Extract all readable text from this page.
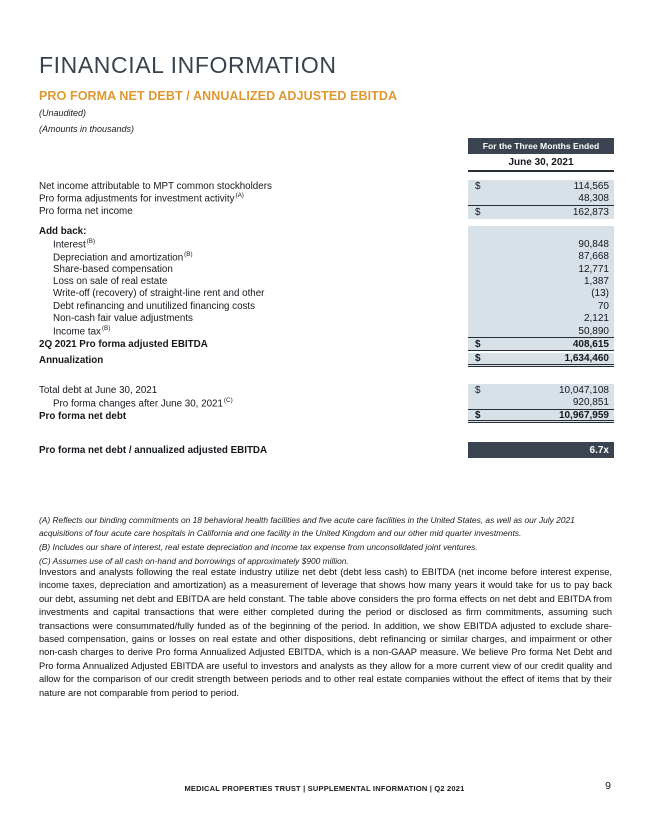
FINANCIAL INFORMATION
PRO FORMA NET DEBT / ANNUALIZED ADJUSTED EBITDA
(Unaudited)
(Amounts in thousands)
For the Three Months Ended
June 30, 2021
Net income attributable to MPT common stockholders	$	114,565
Pro forma adjustments for investment activity$^{(A)}$	48,308
Pro forma net income	$	162,873
Add back:
Interest$^{(B)}$	90,848
Depreciation and amortization$^{(B)}$	87,668
Share-based compensation	12,771
Loss on sale of real estate	1,387
Write-off (recovery) of straight-line rent and other	(13)
Debt refinancing and unutilized financing costs	70
Non-cash fair value adjustments	2,121
Income tax$^{(B)}$	50,890
2Q 2021 Pro forma adjusted EBITDA	$	408,615
Annualization	$	1,634,460
Total debt at June 30, 2021	$	10,047,108
Pro forma changes after June 30, $2021^{(C)}$	920,851
Pro forma net debt	$	10,967,959
Pro forma net debt / annualized adjusted EBITDA	6.7x
(A) Reflects our binding commitments on 18 behavioral health facilities and five acute care facilities in the United States, as well as our July 2021 acquisitions of four acute care hospitals in California and one facility in the United Kingdom and our other mid quarter investments.
(B) Includes our share of interest, real estate depreciation and income tax expense from unconsolidated joint ventures.
(C) Assumes use of all cash on-hand and borrowings of approximately $900 million.
Investors and analysts following the real estate industry utilize net debt (debt less cash) to EBITDA (net income before interest expense, income taxes, depreciation and amortization) as a measurement of leverage that shows how many years it would take for us to pay back our debt, assuming net debt and EBITDA are held constant. The table above considers the pro forma effects on net debt and EBITDA from investments and capital transactions that were either completed during the period or disclosed as firm commitments, assuming such transactions were consummated/fully funded as of the beginning of the period. In addition, we show EBITDA adjusted to exclude share-based compensation, gains or losses on real estate and other dispositions, debt refinancing or similar charges, and impairment or other non-cash charges to derive Pro forma Annualized Adjusted EBITDA, which is a non-GAAP measure. We believe Pro forma Net Debt and Pro forma Annualized Adjusted EBITDA are useful to investors and analysts as they allow for a more current view of our credit quality and allow for the comparison of our credit strength between periods and to other real estate companies without the effect of items that by their nature are not comparable from period to period.
MEDICAL PROPERTIES TRUST | SUPPLEMENTAL INFORMATION | Q2 2021	9
